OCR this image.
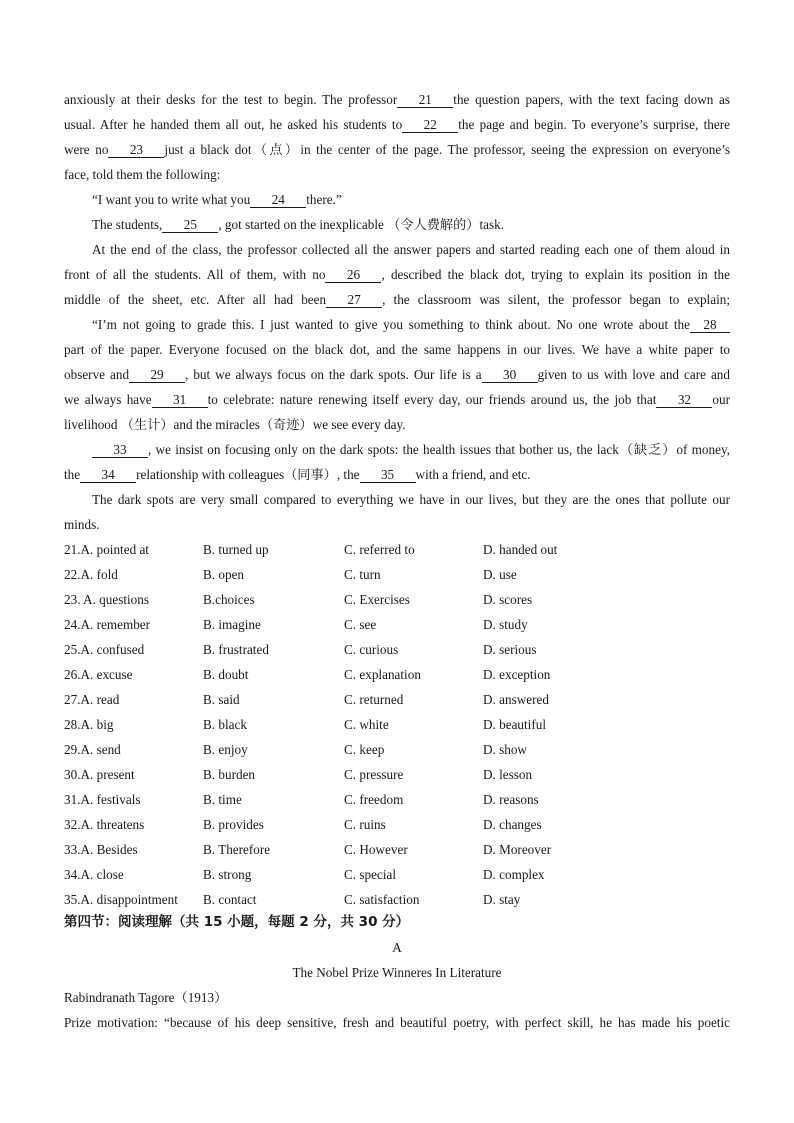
anxiously at their desks for the test to begin. The professor 21 the question papers, with the text facing down as
usual. After he handed them all out, he asked his students to 22 the page and begin. To everyone’s surprise, there
were no 23 just a black dot（点）in the center of the page. The professor, seeing the expression on everyone’s
face, told them the following:
“I want you to write what you 24 there.”
The students, 25 , got started on the inexplicable （令人费解的）task.
At the end of the class, the professor collected all the answer papers and started reading each one of them aloud in
front of all the students. All of them, with no 26 , described the black dot, trying to explain its position in the
middle of the sheet, etc. After all had been 27 , the classroom was silent, the professor began to explain;
“I’m not going to grade this. I just wanted to give you something to think about. No one wrote about the 28
part of the paper. Everyone focused on the black dot, and the same happens in our lives. We have a white paper to
observe and 29 , but we always focus on the dark spots. Our life is a 30 given to us with love and care and
we always have 31 to celebrate: nature renewing itself every day, our friends around us, the job that 32 our
livelihood （生计）and the miracles（奇迹）we see every day.
33 , we insist on focusing only on the dark spots: the health issues that bother us, the lack（缺乏）of money,
the 34 relationship with colleagues（同事）, the 35 with a friend, and etc.
The dark spots are very small compared to everything we have in our lives, but they are the ones that pollute our
minds.
21.A. pointed at	B. turned up	C. referred to	D. handed out
22.A. fold	B. open	C. turn	D. use
23. A. questions	B.choices	C. Exercises	D. scores
24.A. remember	B. imagine	C. see	D. study
25.A. confused	B. frustrated	C. curious	D. serious
26.A. excuse	B. doubt	C. explanation	D. exception
27.A. read	B. said	C. returned	D. answered
28.A. big	B. black	C. white	D. beautiful
29.A. send	B. enjoy	C. keep	D. show
30.A. present	B. burden	C. pressure	D. lesson
31.A. festivals	B. time	C. freedom	D. reasons
32.A. threatens	B. provides	C. ruins	D. changes
33.A. Besides	B. Therefore	C. However	D. Moreover
34.A. close	B. strong	C. special	D. complex
35.A. disappointment B. contact	C. satisfaction	D. stay
第四节：阅读理解（共 15 小题，每题 2 分，共 30 分）
A
The Nobel Prize Winneres In Literature
Rabindranath Tagore（1913）
Prize motivation: “because of his deep sensitive, fresh and beautiful poetry, with perfect skill, he has made his poetic
